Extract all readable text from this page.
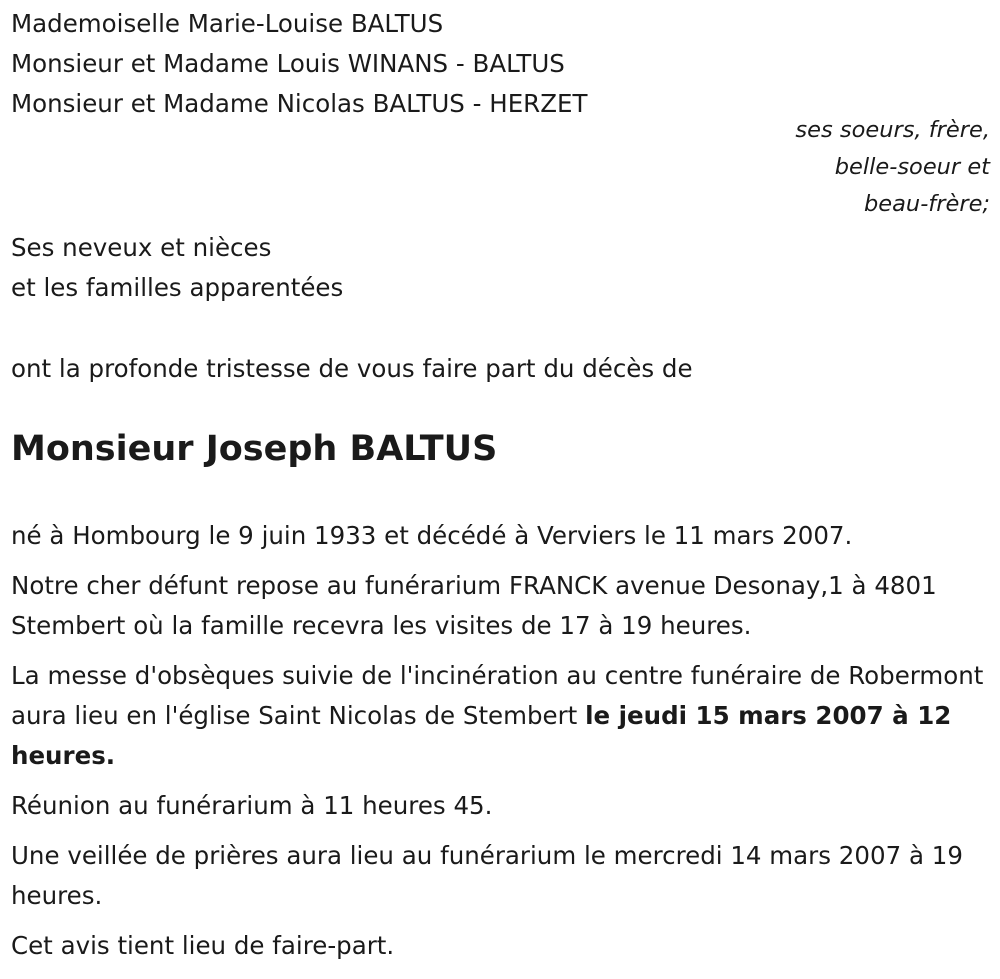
Mademoiselle Marie-Louise BALTUS
Monsieur et Madame Louis WINANS - BALTUS
Monsieur et Madame Nicolas BALTUS - HERZET
ses soeurs, frère,
belle-soeur et
beau-frère;
Ses neveux et nièces
et les familles apparentées
ont la profonde tristesse de vous faire part du décès de
Monsieur Joseph BALTUS

né à Hombourg le 9 juin 1933 et décédé à Verviers le 11 mars 2007.

Notre cher défunt repose au funérarium FRANCK avenue Desonay,1 à 4801 Stembert où la famille recevra les visites de 17 à 19 heures.

La messe d'obsèques suivie de l'incinération au centre funéraire de Robermont aura lieu en l'église Saint Nicolas de Stembert le jeudi 15 mars 2007 à 12 heures.

Réunion au funérarium à 11 heures 45.

Une veillée de prières aura lieu au funérarium le mercredi 14 mars 2007 à 19 heures.

Cet avis tient lieu de faire-part.
